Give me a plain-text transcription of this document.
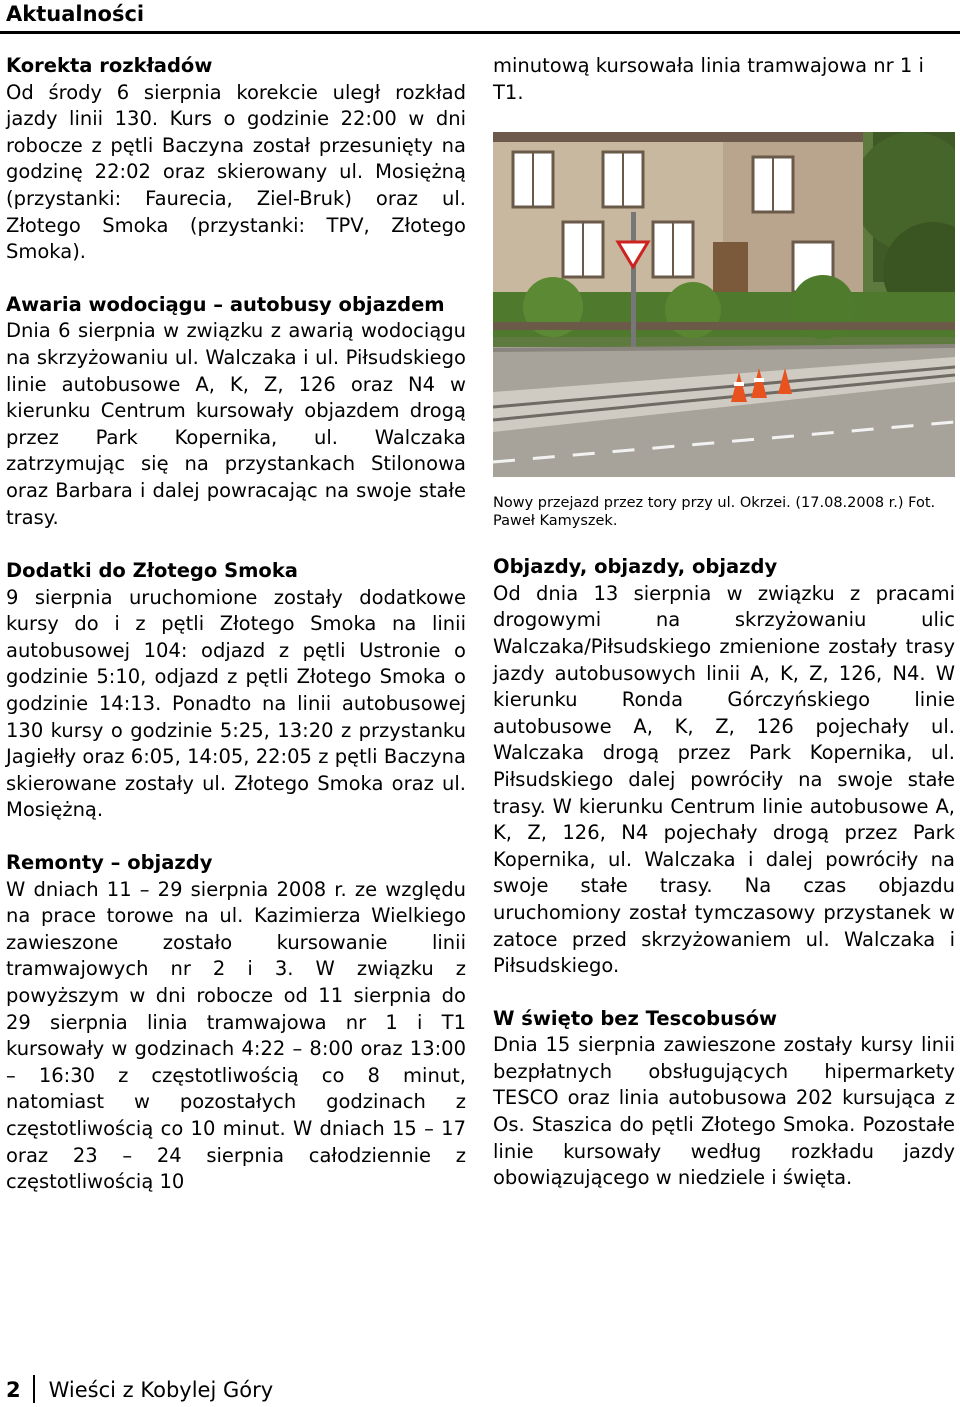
Aktualności
Korekta rozkładów

Od środy 6 sierpnia korekcie uległ rozkład jazdy linii 130. Kurs o godzinie 22:00 w dni robocze z pętli Baczyna został przesunięty na godzinę 22:02 oraz skierowany ul. Mosiężną (przystanki: Faurecia, Ziel-Bruk) oraz ul. Złotego Smoka (przystanki: TPV, Złotego Smoka).

Awaria wodociągu – autobusy objazdem

Dnia 6 sierpnia w związku z awarią wodociągu na skrzyżowaniu ul. Walczaka i ul. Piłsudskiego linie autobusowe A, K, Z, 126 oraz N4 w kierunku Centrum kursowały objazdem drogą przez Park Kopernika, ul. Walczaka zatrzymując się na przystankach Stilonowa oraz Barbara i dalej powracając na swoje stałe trasy.

Dodatki do Złotego Smoka

9 sierpnia uruchomione zostały dodatkowe kursy do i z pętli Złotego Smoka na linii autobusowej 104: odjazd z pętli Ustronie o godzinie 5:10, odjazd z pętli Złotego Smoka o godzinie 14:13. Ponadto na linii autobusowej 130 kursy o godzinie 5:25, 13:20 z przystanku Jagiełły oraz 6:05, 14:05, 22:05 z pętli Baczyna skierowane zostały ul. Złotego Smoka oraz ul. Mosiężną.

Remonty – objazdy

W dniach 11 – 29 sierpnia 2008 r. ze względu na prace torowe na ul. Kazimierza Wielkiego zawieszone zostało kursowanie linii tramwajowych nr 2 i 3. W związku z powyższym w dni robocze od 11 sierpnia do 29 sierpnia linia tramwajowa nr 1 i T1 kursowały w godzinach 4:22 – 8:00 oraz 13:00 – 16:30 z częstotliwością co 8 minut, natomiast w pozostałych godzinach z częstotliwością co 10 minut. W dniach 15 – 17 oraz 23 – 24 sierpnia całodziennie z częstotliwością 10

minutową kursowała linia tramwajowa nr 1 i T1.

Nowy przejazd przez tory przy ul. Okrzei. (17.08.2008 r.) Fot. Paweł Kamyszek.
Objazdy, objazdy, objazdy

Od dnia 13 sierpnia w związku z pracami drogowymi na skrzyżowaniu ulic Walczaka/Piłsudskiego zmienione zostały trasy jazdy autobusowych linii A, K, Z, 126, N4. W kierunku Ronda Górczyńskiego linie autobusowe A, K, Z, 126 pojechały ul. Walczaka drogą przez Park Kopernika, ul. Piłsudskiego dalej powróciły na swoje stałe trasy. W kierunku Centrum linie autobusowe A, K, Z, 126, N4 pojechały drogą przez Park Kopernika, ul. Walczaka i dalej powróciły na swoje stałe trasy. Na czas objazdu uruchomiony został tymczasowy przystanek w zatoce przed skrzyżowaniem ul. Walczaka i Piłsudskiego.

W święto bez Tescobusów

Dnia 15 sierpnia zawieszone zostały kursy linii bezpłatnych obsługujących hipermarkety TESCO oraz linia autobusowa 202 kursująca z Os. Staszica do pętli Złotego Smoka. Pozostałe linie kursowały według rozkładu jazdy obowiązującego w niedziele i święta.

2 Wieści z Kobylej Góry
